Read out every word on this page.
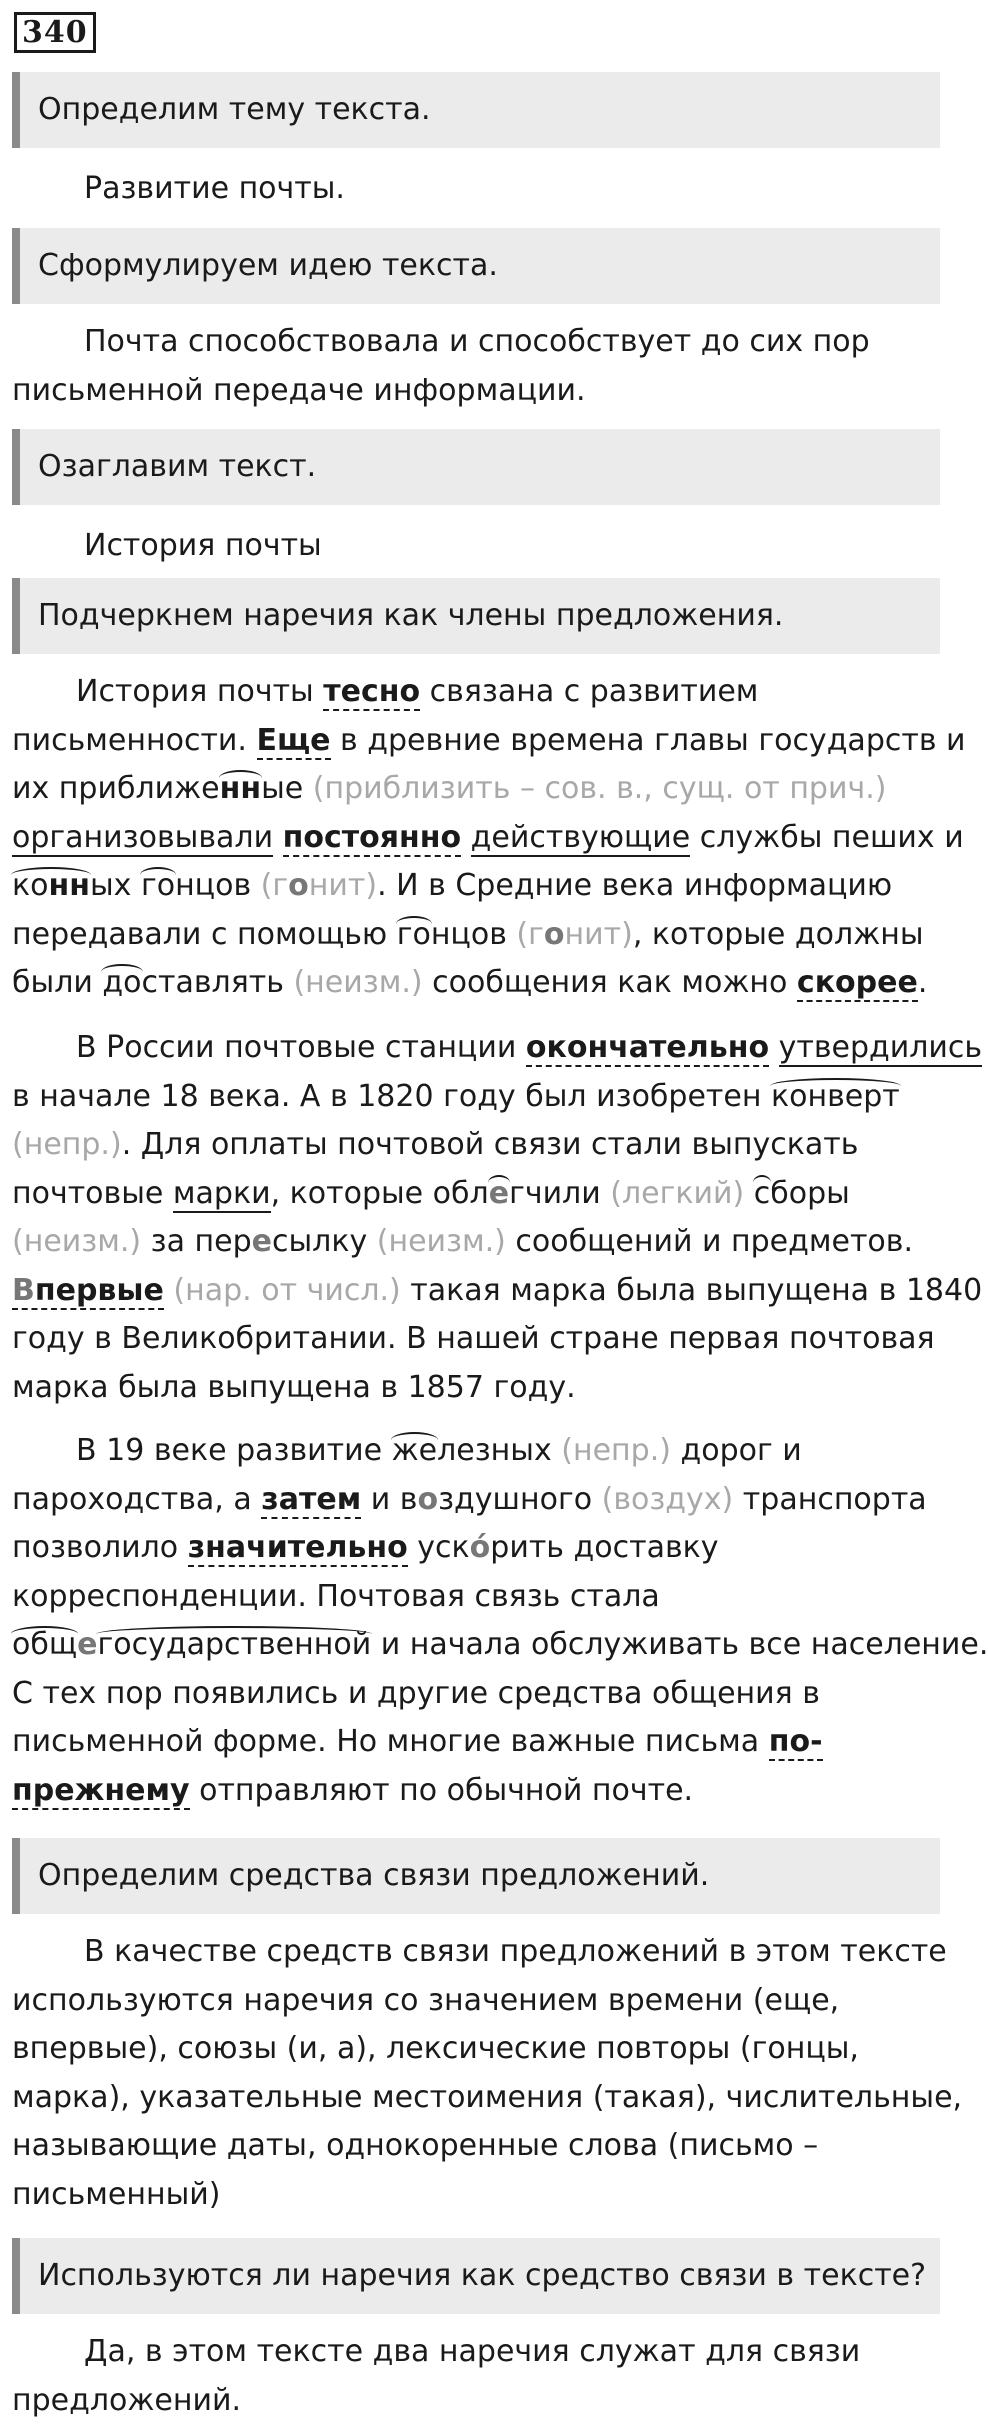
340
Определим тему текста.
Развитие почты.
Сформулируем идею текста.
Почта способствовала и способствует до сих пор
письменной передаче информации.
Озаглавим текст.
История почты
Подчеркнем наречия как члены предложения.
История почты тесно связана с развитием
письменности. Еще в древние времена главы государств и
их приближенные (приблизить – сов. в., сущ. от прич.)
организовывали постоянно действующие службы пеших и
конных гонцов (гонит). И в Средние века информацию
передавали с помощью гонцов (гонит), которые должны
были доставлять (неизм.) сообщения как можно скорее.
В России почтовые станции окончательно утвердились
в начале 18 века. А в 1820 году был изобретен конверт
(непр.). Для оплаты почтовой связи стали выпускать
почтовые марки, которые облегчили (легкий) сборы
(неизм.) за пересылку (неизм.) сообщений и предметов.
Впервые (нар. от числ.) такая марка была выпущена в 1840
году в Великобритании. В нашей стране первая почтовая
марка была выпущена в 1857 году.
В 19 веке развитие железных (непр.) дорог и
пароходства, а затем и воздушного (воздух) транспорта
позволило значительно уско́рить доставку
корреспонденции. Почтовая связь стала
общегосударственной и начала обслуживать все население.
С тех пор появились и другие средства общения в
письменной форме. Но многие важные письма по-
прежнему отправляют по обычной почте.
Определим средства связи предложений.
В качестве средств связи предложений в этом тексте
используются наречия со значением времени (еще,
впервые), союзы (и, а), лексические повторы (гонцы,
марка), указательные местоимения (такая), числительные,
называющие даты, однокоренные слова (письмо –
письменный)
Используются ли наречия как средство связи в тексте?
Да, в этом тексте два наречия служат для связи
предложений.
